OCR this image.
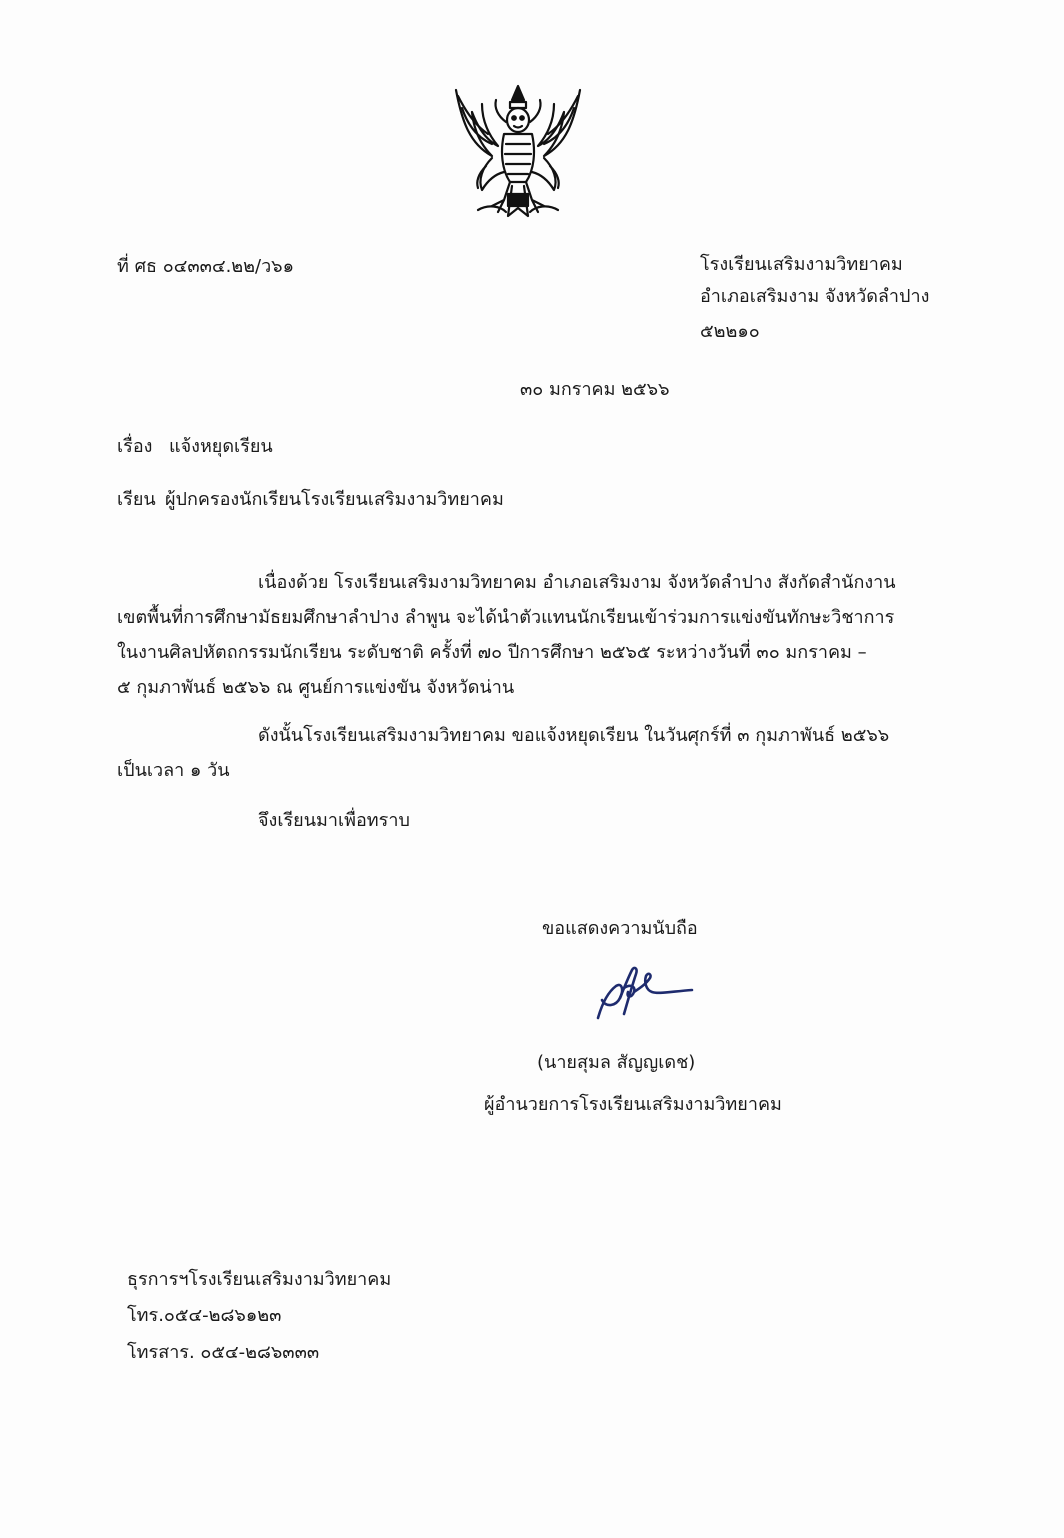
ที่ ศธ ๐๔๓๓๔.๒๒/ว๖๑	โรงเรียนเสริมงามวิทยาคม
อำเภอเสริมงาม จังหวัดลำปาง
๕๒๒๑๐
๓๐ มกราคม ๒๕๖๖
เรื่อง แจ้งหยุดเรียน
เรียน ผู้ปกครองนักเรียนโรงเรียนเสริมงามวิทยาคม
เนื่องด้วย โรงเรียนเสริมงามวิทยาคม อำเภอเสริมงาม จังหวัดลำปาง สังกัดสำนักงาน
เขตพื้นที่การศึกษามัธยมศึกษาลำปาง ลำพูน จะได้นำตัวแทนนักเรียนเข้าร่วมการแข่งขันทักษะวิชาการ
ในงานศิลปหัตถกรรมนักเรียน ระดับชาติ ครั้งที่ ๗๐ ปีการศึกษา ๒๕๖๕ ระหว่างวันที่ ๓๐ มกราคม –
๕ กุมภาพันธ์ ๒๕๖๖ ณ ศูนย์การแข่งขัน จังหวัดน่าน
ดังนั้นโรงเรียนเสริมงามวิทยาคม ขอแจ้งหยุดเรียน ในวันศุกร์ที่ ๓ กุมภาพันธ์ ๒๕๖๖
เป็นเวลา ๑ วัน
จึงเรียนมาเพื่อทราบ
ขอแสดงความนับถือ
(นายสุมล สัญญเดช)
ผู้อำนวยการโรงเรียนเสริมงามวิทยาคม
ธุรการฯโรงเรียนเสริมงามวิทยาคม
โทร.๐๕๔-๒๘๖๑๒๓
โทรสาร. ๐๕๔-๒๘๖๓๓๓
